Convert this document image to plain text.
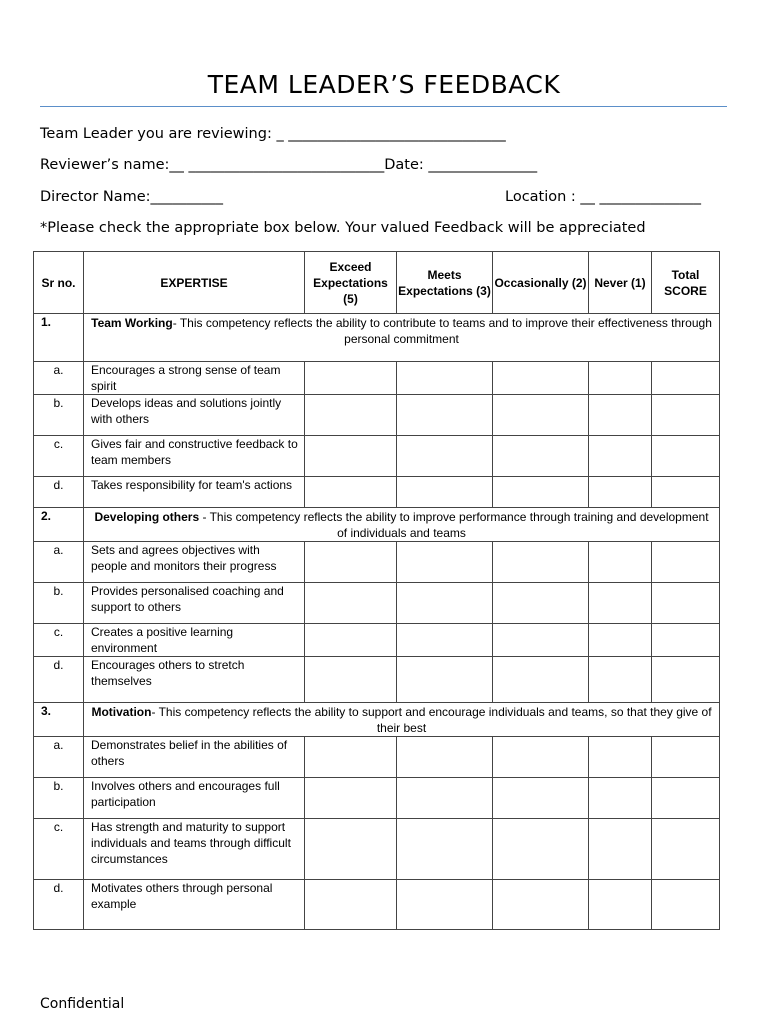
TEAM LEADER’S FEEDBACK
Team Leader you are reviewing: _ ______________________________
Reviewer’s name:__ ___________________________Date: _______________
Director Name:__________	Location : __ ______________
*Please check the appropriate box below. Your valued Feedback will be appreciated
Sr no.	EXPERTISE	Exceed Expectations (5)	Meets Expectations (3)	Occasionally (2)	Never (1)	Total SCORE
1.	Team Working- This competency reflects the ability to contribute to teams and to improve their effectiveness through personal commitment					
a.	Encourages a strong sense of team spirit					
b.	Develops ideas and solutions jointly with others					
c.	Gives fair and constructive feedback to team members					
d.	Takes responsibility for team's actions					
2.	Developing others - This competency reflects the ability to improve performance through training and development of individuals and teams					
a.	Sets and agrees objectives with people and monitors their progress					
b.	Provides personalised coaching and support to others					
c.	Creates a positive learning environment					
d.	Encourages others to stretch themselves					
3.	Motivation- This competency reflects the ability to support and encourage individuals and teams, so that they give of their best					
a.	Demonstrates belief in the abilities of others					
b.	Involves others and encourages full participation					
c.	Has strength and maturity to support individuals and teams through difficult circumstances					
d.	Motivates others through personal example					
Confidential
